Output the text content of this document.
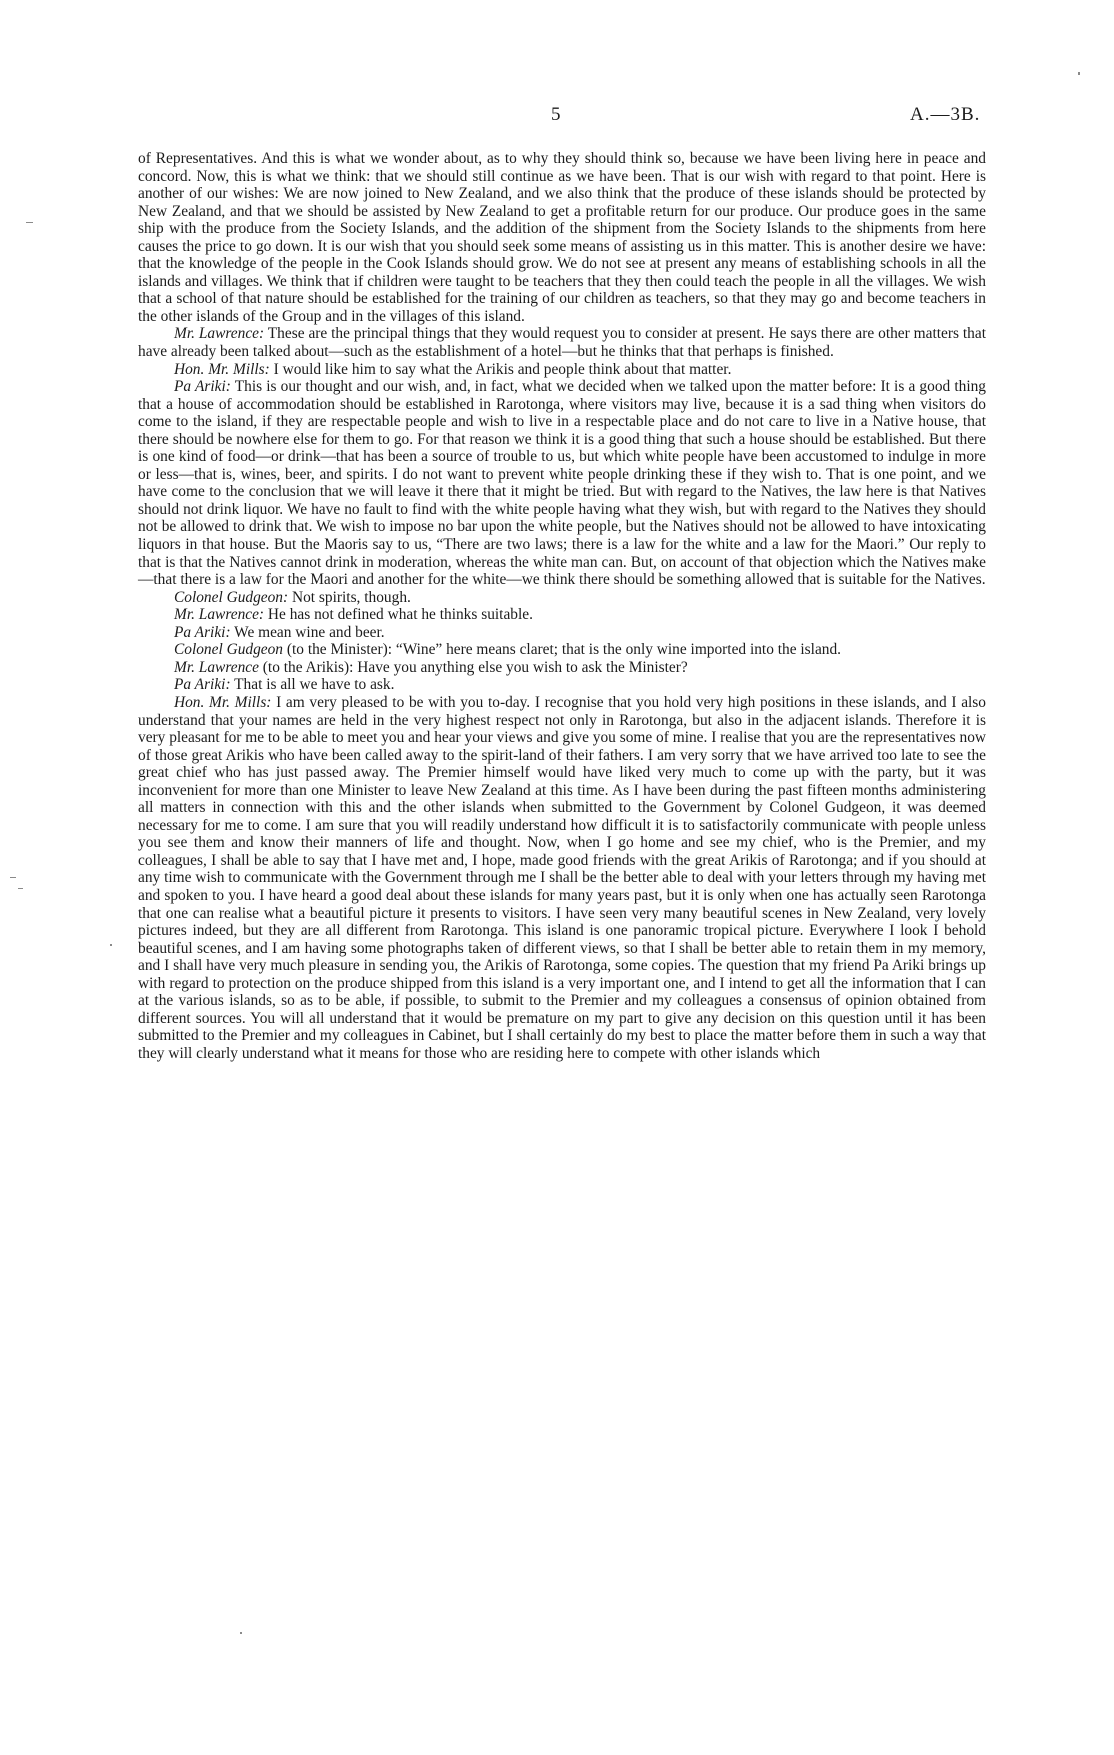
5	A.—3B.

of Representatives. And this is what we wonder about, as to why they should think so, because we have been living here in peace and concord. Now, this is what we think: that we should still continue as we have been. That is our wish with regard to that point. Here is another of our wishes: We are now joined to New Zealand, and we also think that the produce of these islands should be protected by New Zealand, and that we should be assisted by New Zealand to get a profitable return for our produce. Our produce goes in the same ship with the produce from the Society Islands, and the addition of the shipment from the Society Islands to the shipments from here causes the price to go down. It is our wish that you should seek some means of assisting us in this matter. This is another desire we have: that the knowledge of the people in the Cook Islands should grow. We do not see at present any means of establishing schools in all the islands and villages. We think that if children were taught to be teachers that they then could teach the people in all the villages. We wish that a school of that nature should be established for the training of our children as teachers, so that they may go and become teachers in the other islands of the Group and in the villages of this island.

Mr. Lawrence: These are the principal things that they would request you to consider at present. He says there are other matters that have already been talked about—such as the establishment of a hotel—but he thinks that that perhaps is finished.

Hon. Mr. Mills: I would like him to say what the Arikis and people think about that matter.

Pa Ariki: This is our thought and our wish, and, in fact, what we decided when we talked upon the matter before: It is a good thing that a house of accommodation should be established in Rarotonga, where visitors may live, because it is a sad thing when visitors do come to the island, if they are respectable people and wish to live in a respectable place and do not care to live in a Native house, that there should be nowhere else for them to go. For that reason we think it is a good thing that such a house should be established. But there is one kind of food—or drink—that has been a source of trouble to us, but which white people have been accustomed to indulge in more or less—that is, wines, beer, and spirits. I do not want to prevent white people drinking these if they wish to. That is one point, and we have come to the conclusion that we will leave it there that it might be tried. But with regard to the Natives, the law here is that Natives should not drink liquor. We have no fault to find with the white people having what they wish, but with regard to the Natives they should not be allowed to drink that. We wish to impose no bar upon the white people, but the Natives should not be allowed to have intoxicating liquors in that house. But the Maoris say to us, “There are two laws; there is a law for the white and a law for the Maori.” Our reply to that is that the Natives cannot drink in moderation, whereas the white man can. But, on account of that objection which the Natives make—that there is a law for the Maori and another for the white—we think there should be something allowed that is suitable for the Natives.

Colonel Gudgeon: Not spirits, though.

Mr. Lawrence: He has not defined what he thinks suitable.

Pa Ariki: We mean wine and beer.

Colonel Gudgeon (to the Minister): “Wine” here means claret; that is the only wine imported into the island.

Mr. Lawrence (to the Arikis): Have you anything else you wish to ask the Minister?

Pa Ariki: That is all we have to ask.

Hon. Mr. Mills: I am very pleased to be with you to-day. I recognise that you hold very high positions in these islands, and I also understand that your names are held in the very highest respect not only in Rarotonga, but also in the adjacent islands. Therefore it is very pleasant for me to be able to meet you and hear your views and give you some of mine. I realise that you are the representatives now of those great Arikis who have been called away to the spirit-land of their fathers. I am very sorry that we have arrived too late to see the great chief who has just passed away. The Premier himself would have liked very much to come up with the party, but it was inconvenient for more than one Minister to leave New Zealand at this time. As I have been during the past fifteen months administering all matters in connection with this and the other islands when submitted to the Government by Colonel Gudgeon, it was deemed necessary for me to come. I am sure that you will readily understand how difficult it is to satisfactorily communicate with people unless you see them and know their manners of life and thought. Now, when I go home and see my chief, who is the Premier, and my colleagues, I shall be able to say that I have met and, I hope, made good friends with the great Arikis of Rarotonga; and if you should at any time wish to communicate with the Government through me I shall be the better able to deal with your letters through my having met and spoken to you. I have heard a good deal about these islands for many years past, but it is only when one has actually seen Rarotonga that one can realise what a beautiful picture it presents to visitors. I have seen very many beautiful scenes in New Zealand, very lovely pictures indeed, but they are all different from Rarotonga. This island is one panoramic tropical picture. Everywhere I look I behold beautiful scenes, and I am having some photographs taken of different views, so that I shall be better able to retain them in my memory, and I shall have very much pleasure in sending you, the Arikis of Rarotonga, some copies. The question that my friend Pa Ariki brings up with regard to protection on the produce shipped from this island is a very important one, and I intend to get all the information that I can at the various islands, so as to be able, if possible, to submit to the Premier and my colleagues a consensus of opinion obtained from different sources. You will all understand that it would be premature on my part to give any decision on this question until it has been submitted to the Premier and my colleagues in Cabinet, but I shall certainly do my best to place the matter before them in such a way that they will clearly understand what it means for those who are residing here to compete with other islands which
